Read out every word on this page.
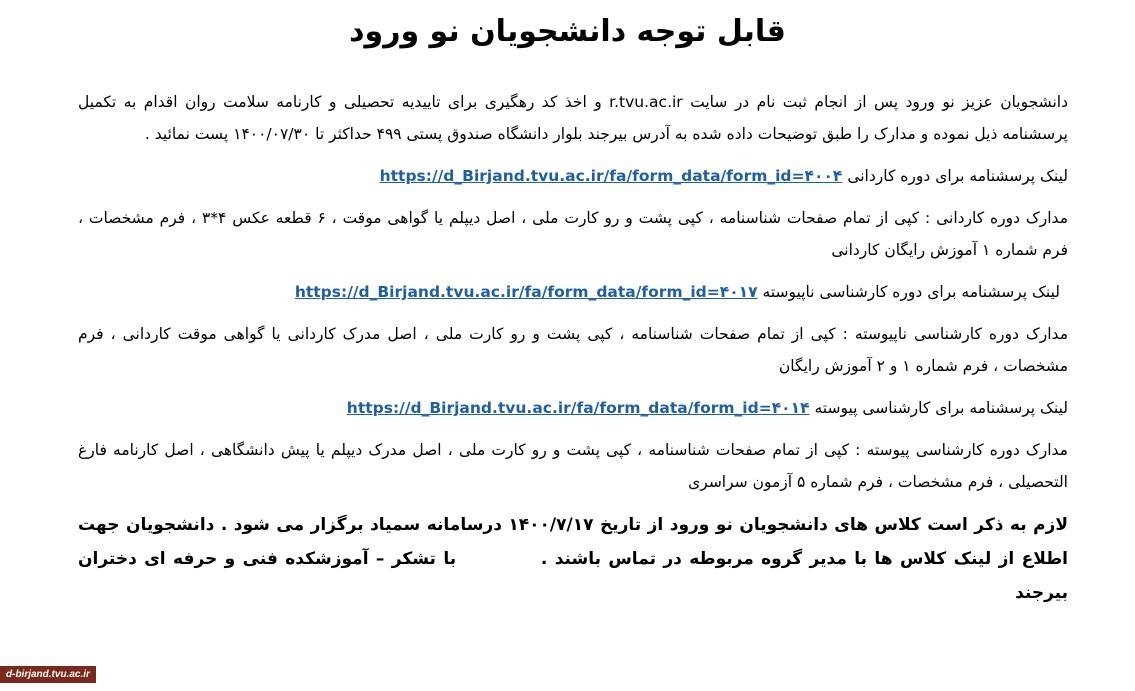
قابل توجه دانشجویان نو ورود

دانشجویان عزیز نو ورود پس از انجام ثبت نام در سایت r.tvu.ac.ir و اخذ کد رهگیری برای تاییدیه تحصیلی و کارنامه سلامت روان اقدام به تکمیل پرسشنامه ذیل نموده و مدارک را طبق توضیحات داده شده به آدرس بیرجند بلوار دانشگاه صندوق پستی ۴۹۹ حداکثر تا ۱۴۰۰/۰۷/۳۰ پست نمائید .

لینک پرسشنامه برای دوره کاردانی https://d_Birjand.tvu.ac.ir/fa/form_data/form_id=۴۰۰۴

مدارک دوره کاردانی : کپی از تمام صفحات شناسنامه ، کپی پشت و رو کارت ملی ، اصل دیپلم یا گواهی موقت ، ۶ قطعه عکس ۴*۳ ، فرم مشخصات ، فرم شماره ۱ آموزش رایگان کاردانی

لینک پرسشنامه برای دوره کارشناسی ناپیوسته https://d_Birjand.tvu.ac.ir/fa/form_data/form_id=۴۰۱۷

مدارک دوره کارشناسی ناپیوسته : کپی از تمام صفحات شناسنامه ، کپی پشت و رو کارت ملی ، اصل مدرک کاردانی یا گواهی موقت کاردانی ، فرم مشخصات ، فرم شماره ۱ و ۲ آموزش رایگان

لینک پرسشنامه برای کارشناسی پیوسته https://d_Birjand.tvu.ac.ir/fa/form_data/form_id=۴۰۱۴

مدارک دوره کارشناسی پیوسته : کپی از تمام صفحات شناسنامه ، کپی پشت و رو کارت ملی ، اصل مدرک دیپلم یا پیش دانشگاهی ، اصل کارنامه فارغ التحصیلی ، فرم مشخصات ، فرم شماره ۵ آزمون سراسری

لازم به ذکر است کلاس های دانشجویان نو ورود از تاریخ ۱۴۰۰/۷/۱۷ درسامانه سمیاد برگزار می شود . دانشجویان جهت اطلاع از لینک کلاس ها با مدیر گروه مربوطه در تماس باشند .  با تشکر – آموزشکده فنی و حرفه ای دختران بیرجند

d-birjand.tvu.ac.ir
